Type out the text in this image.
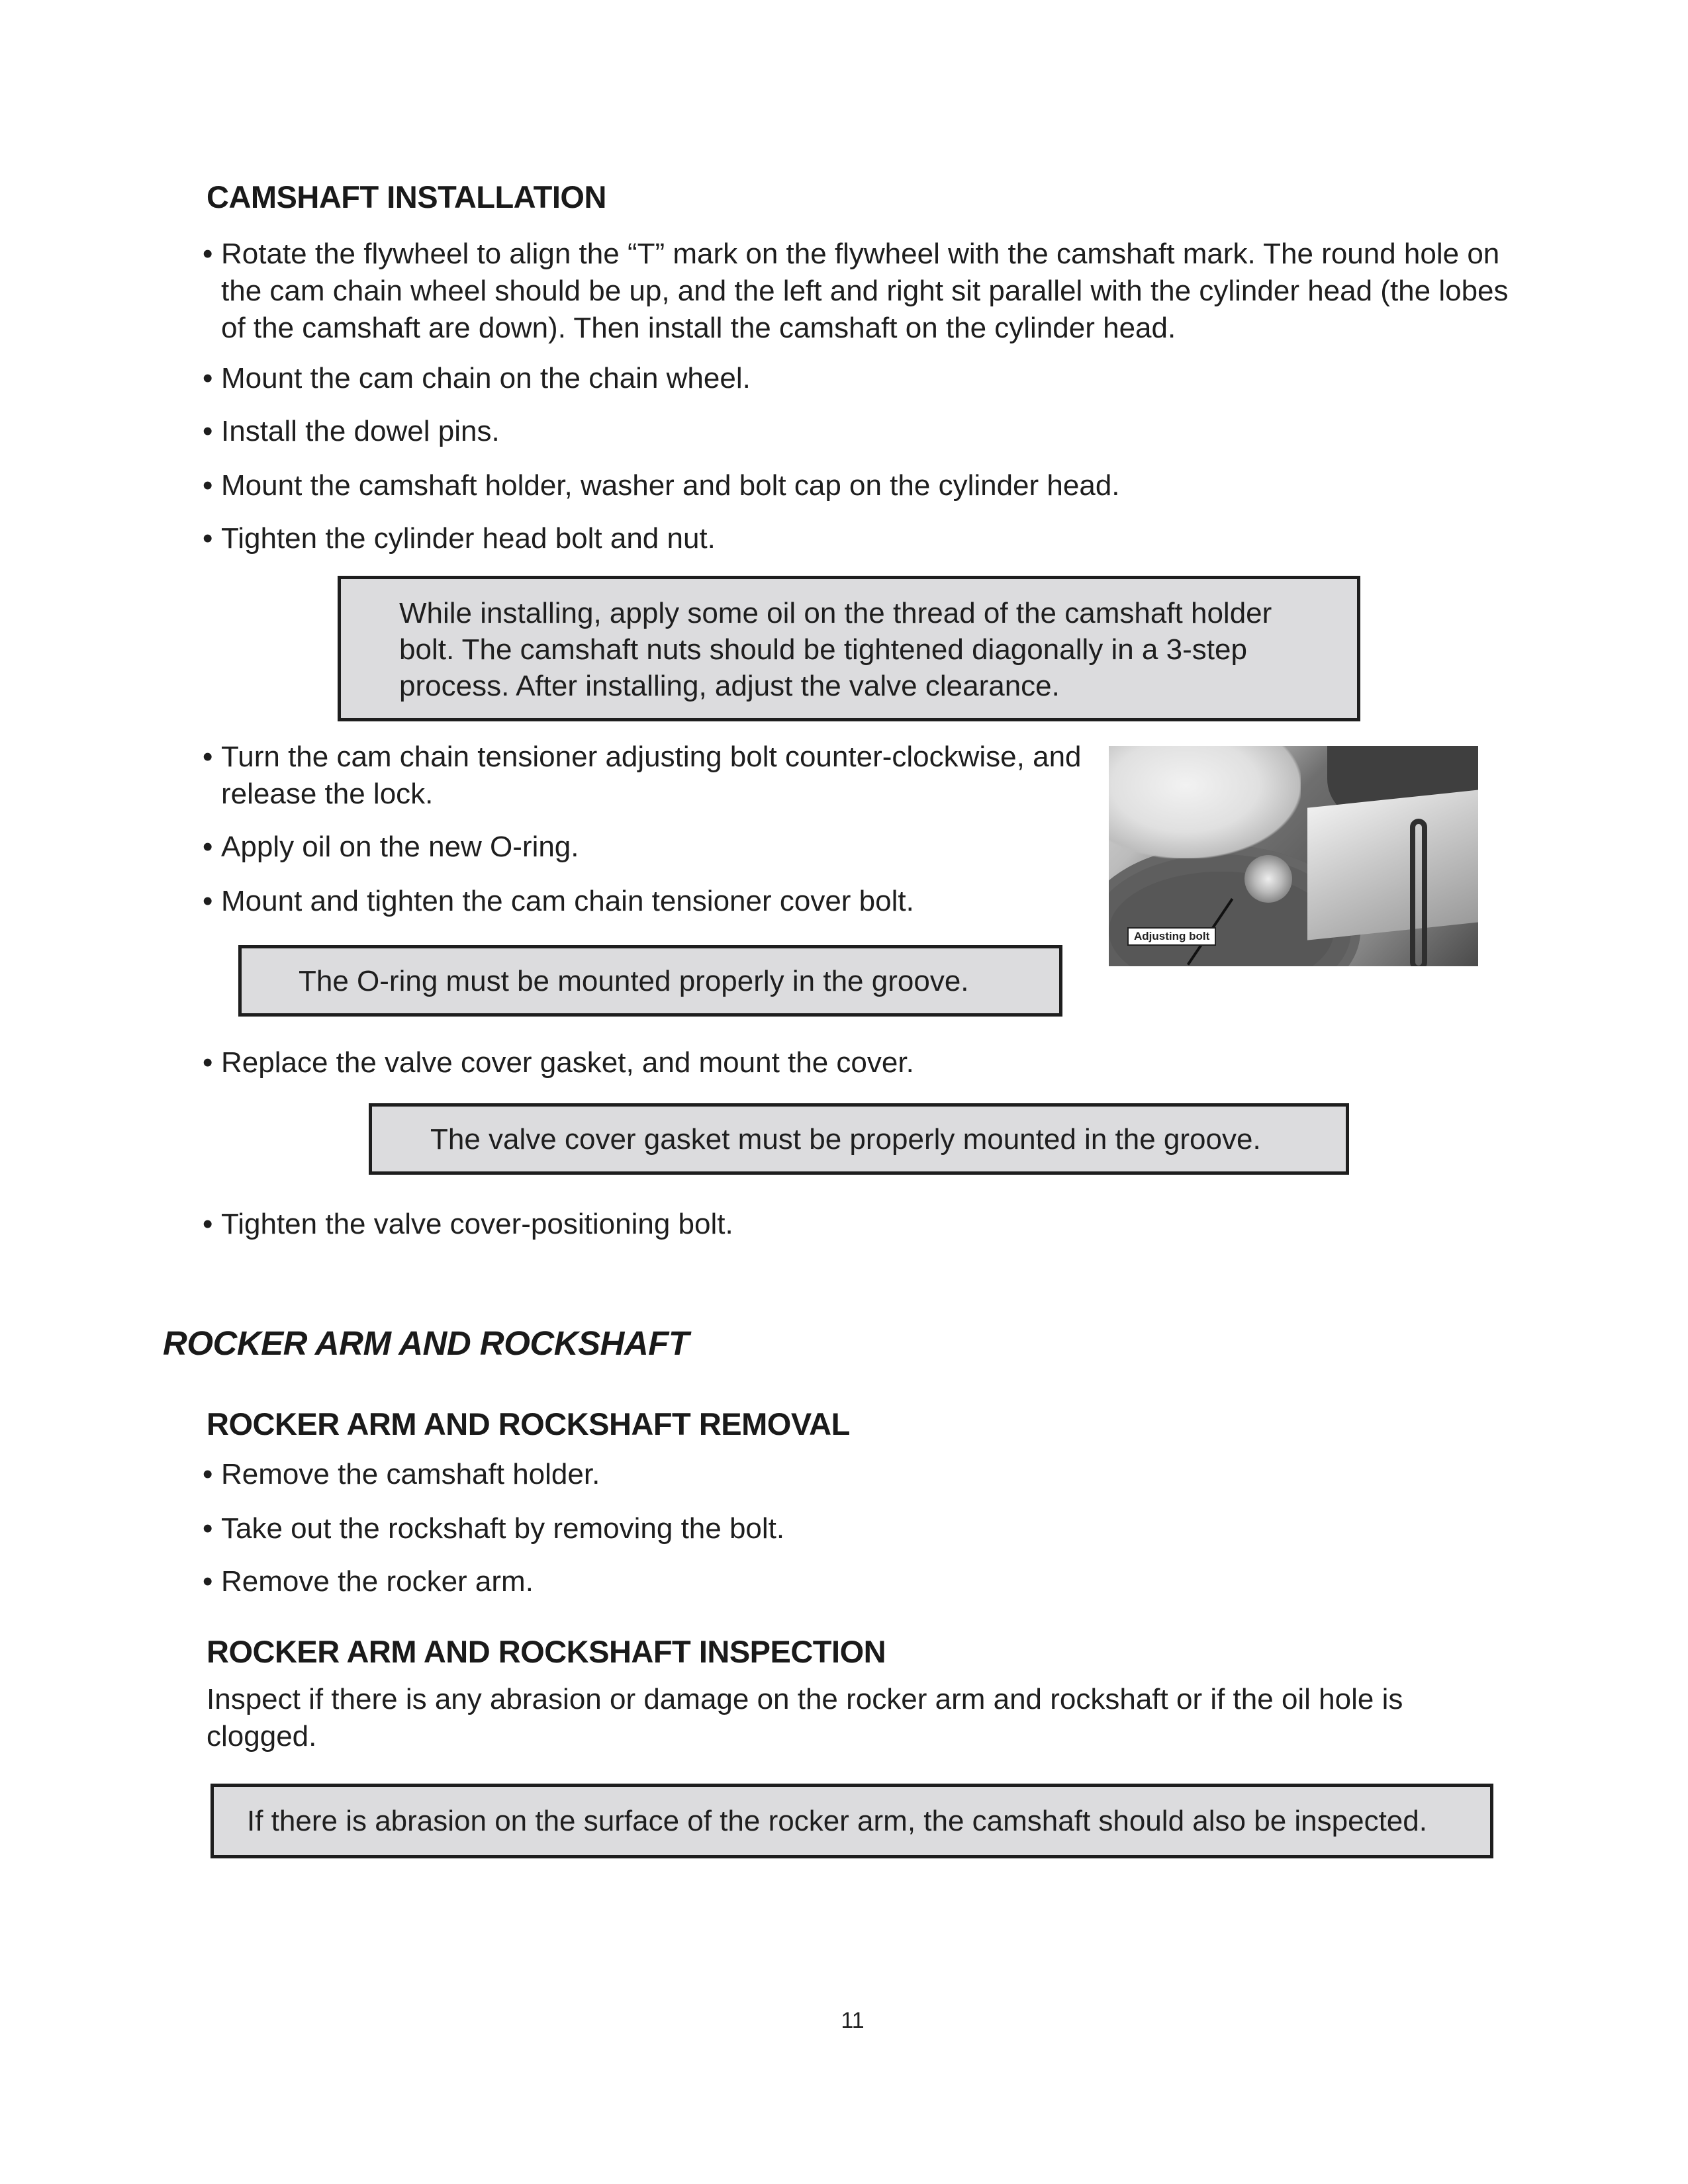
CAMSHAFT INSTALLATION
• Rotate the flywheel to align the “T” mark on the flywheel with the camshaft mark. The round hole on the cam chain wheel should be up, and the left and right sit parallel with the cylinder head (the lobes of the camshaft are down). Then install the camshaft on the cylinder head.
• Mount the cam chain on the chain wheel.
• Install the dowel pins.
• Mount the camshaft holder, washer and bolt cap on the cylinder head.
• Tighten the cylinder head bolt and nut.
While installing, apply some oil on the thread of the camshaft holder bolt. The camshaft nuts should be tightened diagonally in a 3-step process. After installing, adjust the valve clearance.
• Turn the cam chain tensioner adjusting bolt counter-clockwise, and release the lock.
• Apply oil on the new O-ring.
• Mount and tighten the cam chain tensioner cover bolt.
The O-ring must be mounted properly in the groove.
Adjusting bolt
• Replace the valve cover gasket, and mount the cover.
The valve cover gasket must be properly mounted in the groove.
• Tighten the valve cover-positioning bolt.
ROCKER ARM AND ROCKSHAFT
ROCKER ARM AND ROCKSHAFT REMOVAL
• Remove the camshaft holder.
• Take out the rockshaft by removing the bolt.
• Remove the rocker arm.
ROCKER ARM AND ROCKSHAFT INSPECTION
Inspect if there is any abrasion or damage on the rocker arm and rockshaft or if the oil hole is clogged.
If there is abrasion on the surface of the rocker arm, the camshaft should also be inspected.
11
